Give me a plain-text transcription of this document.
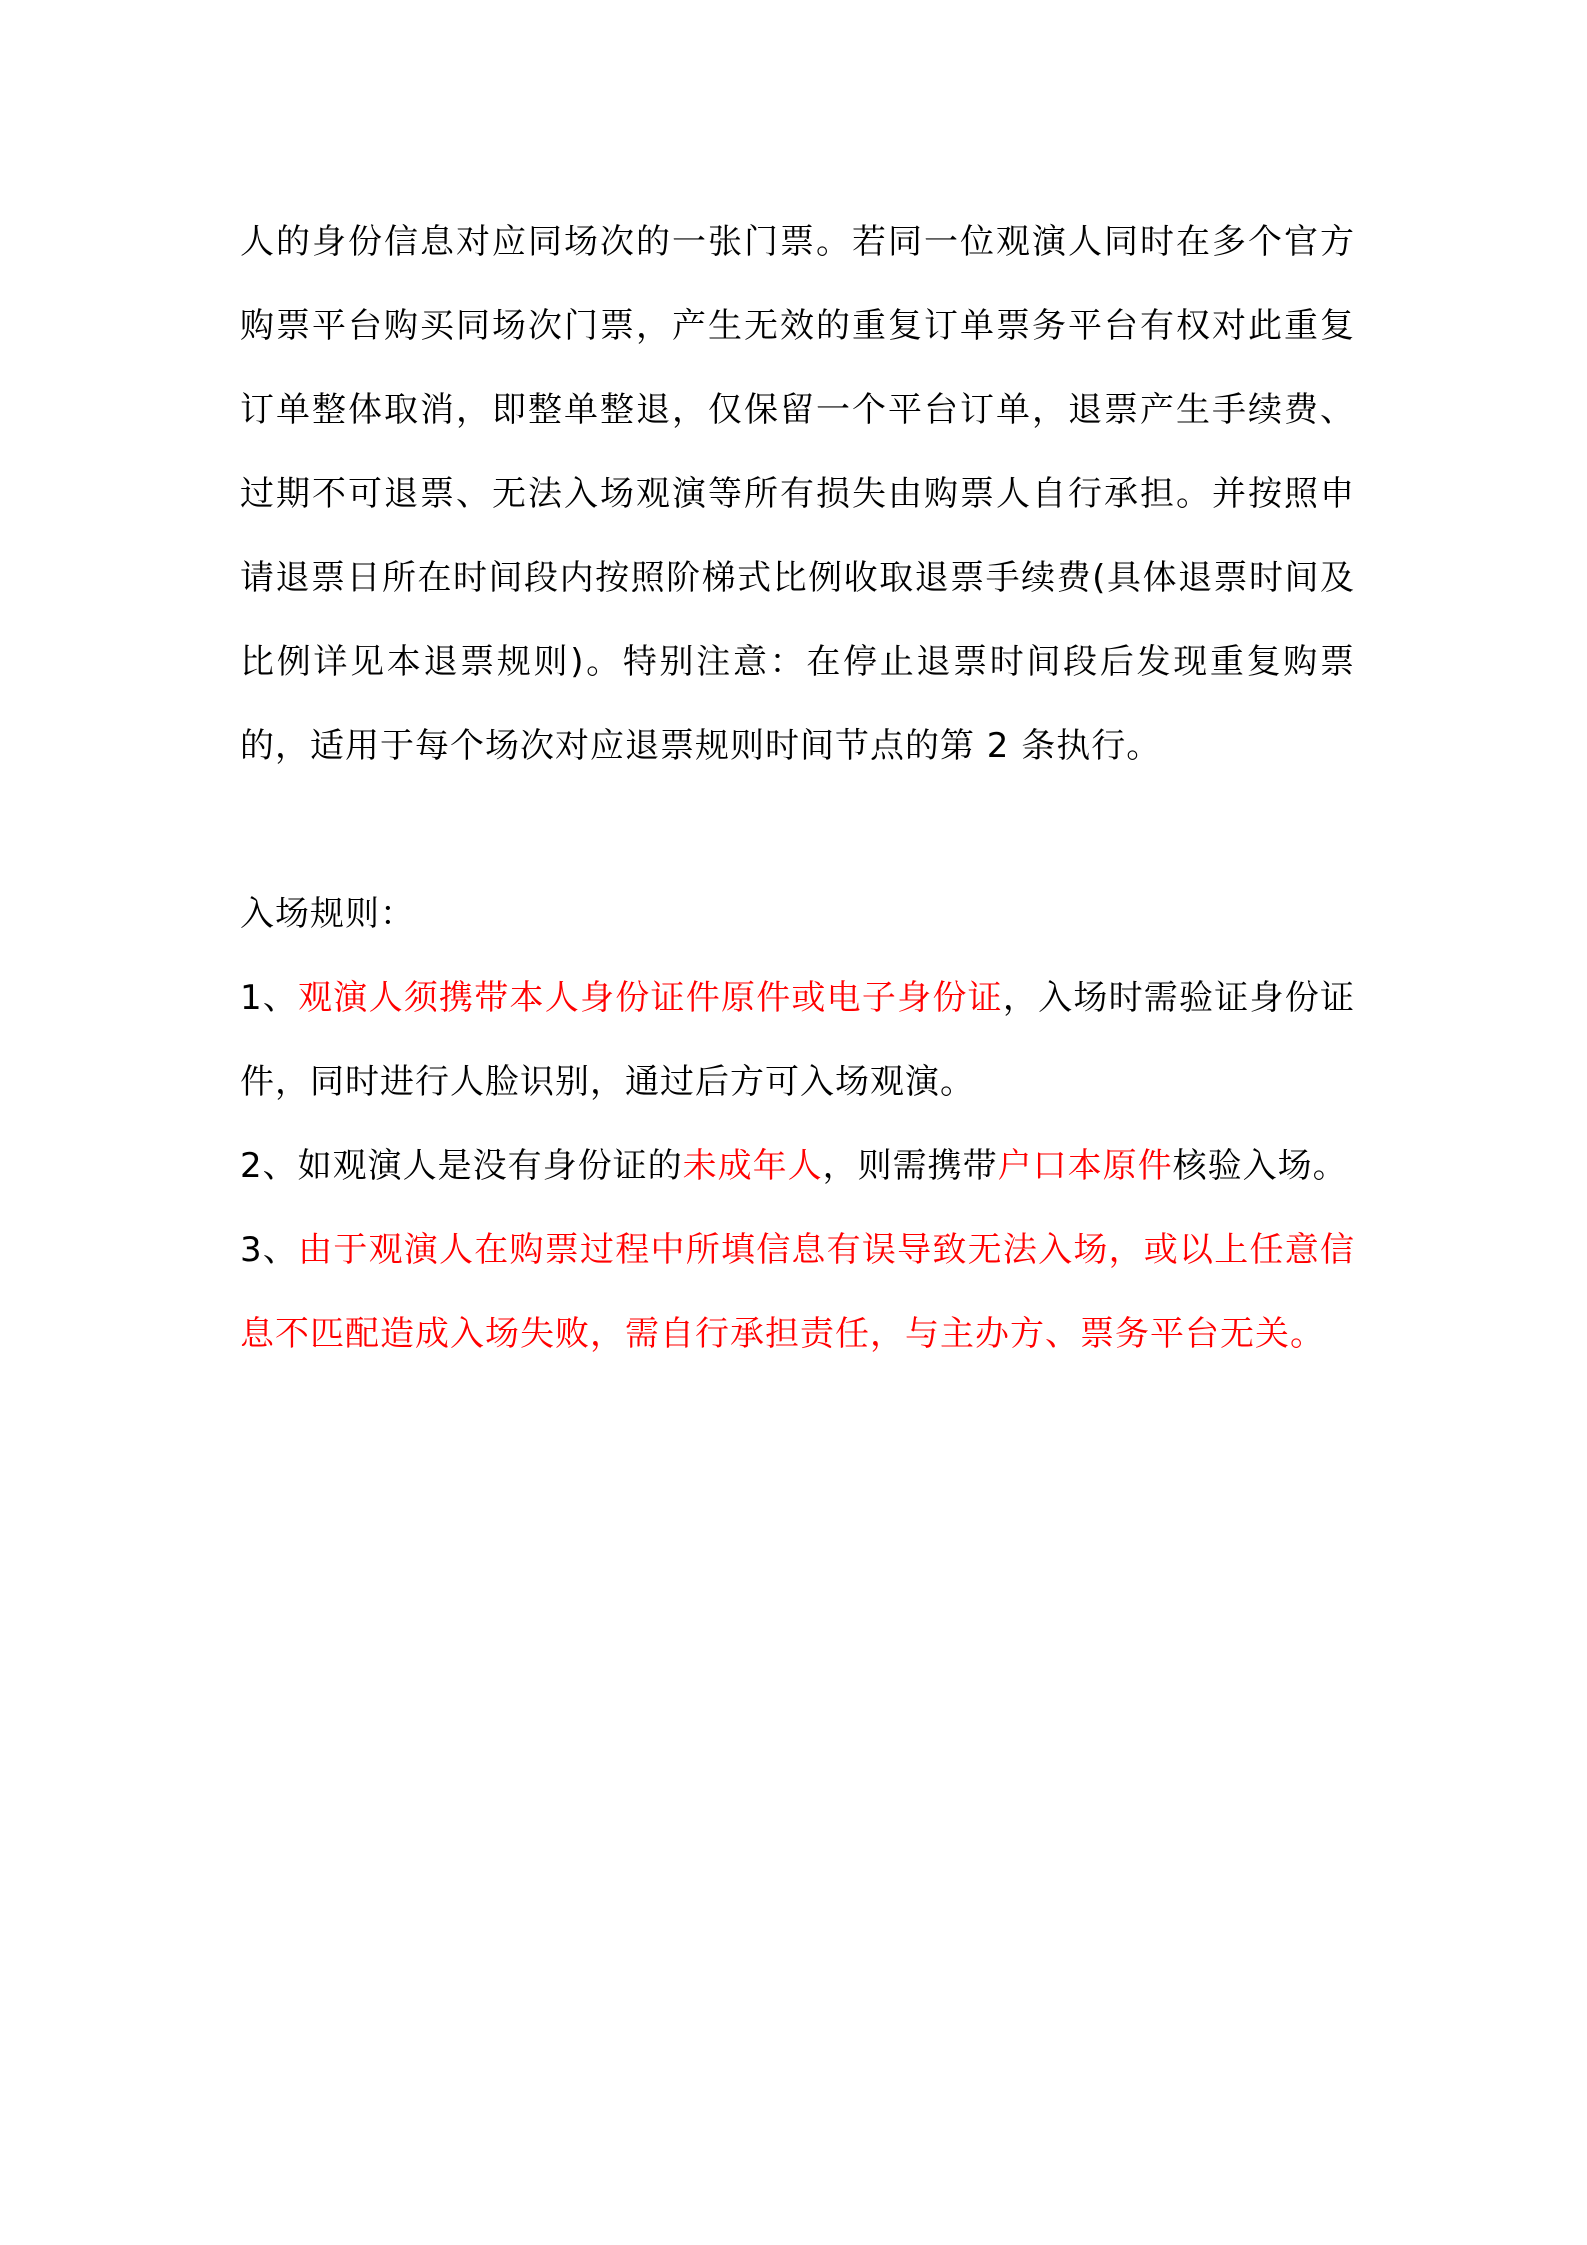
人的身份信息对应同场次的一张门票。若同一位观演人同时在多个官方购票平台购买同场次门票，产生无效的重复订单票务平台有权对此重复订单整体取消，即整单整退，仅保留一个平台订单，退票产生手续费、过期不可退票、无法入场观演等所有损失由购票人自行承担。并按照申请退票日所在时间段内按照阶梯式比例收取退票手续费(具体退票时间及比例详见本退票规则)。特别注意：在停止退票时间段后发现重复购票的，适用于每个场次对应退票规则时间节点的第 2 条执行。

入场规则：

1、观演人须携带本人身份证件原件或电子身份证，入场时需验证身份证件，同时进行人脸识别，通过后方可入场观演。

2、如观演人是没有身份证的未成年人，则需携带户口本原件核验入场。

3、由于观演人在购票过程中所填信息有误导致无法入场，或以上任意信息不匹配造成入场失败，需自行承担责任，与主办方、票务平台无关。
